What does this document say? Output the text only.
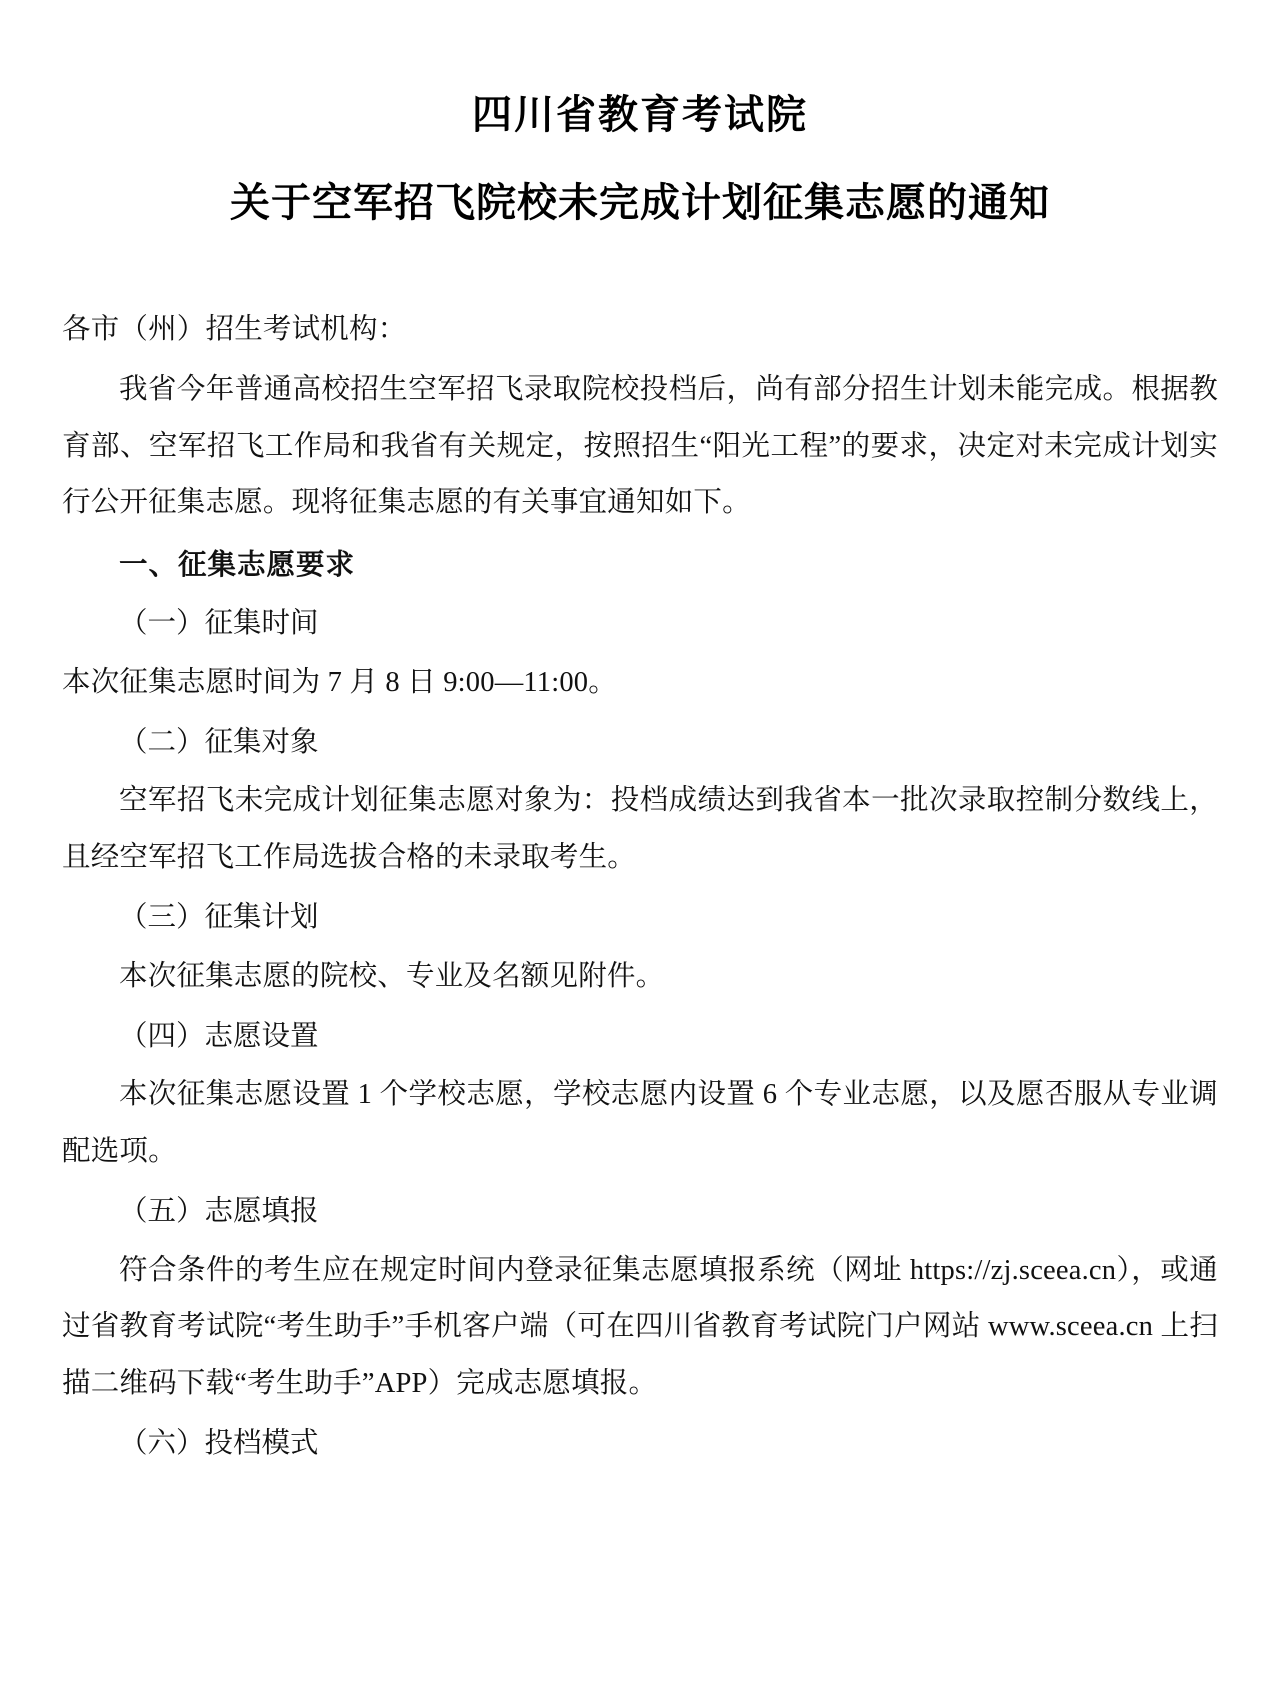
四川省教育考试院
关于空军招飞院校未完成计划征集志愿的通知

各市（州）招生考试机构：

我省今年普通高校招生空军招飞录取院校投档后，尚有部分招生计划未能完成。根据教育部、空军招飞工作局和我省有关规定，按照招生“阳光工程”的要求，决定对未完成计划实行公开征集志愿。现将征集志愿的有关事宜通知如下。

一、征集志愿要求

（一）征集时间

本次征集志愿时间为 7 月 8 日 9:00—11:00。

（二）征集对象

空军招飞未完成计划征集志愿对象为：投档成绩达到我省本一批次录取控制分数线上，且经空军招飞工作局选拔合格的未录取考生。

（三）征集计划

本次征集志愿的院校、专业及名额见附件。

（四）志愿设置

本次征集志愿设置 1 个学校志愿，学校志愿内设置 6 个专业志愿，以及愿否服从专业调配选项。

（五）志愿填报

符合条件的考生应在规定时间内登录征集志愿填报系统（网址 https://zj.sceea.cn），或通过省教育考试院“考生助手”手机客户端（可在四川省教育考试院门户网站 www.sceea.cn 上扫描二维码下载“考生助手”APP）完成志愿填报。

（六）投档模式
